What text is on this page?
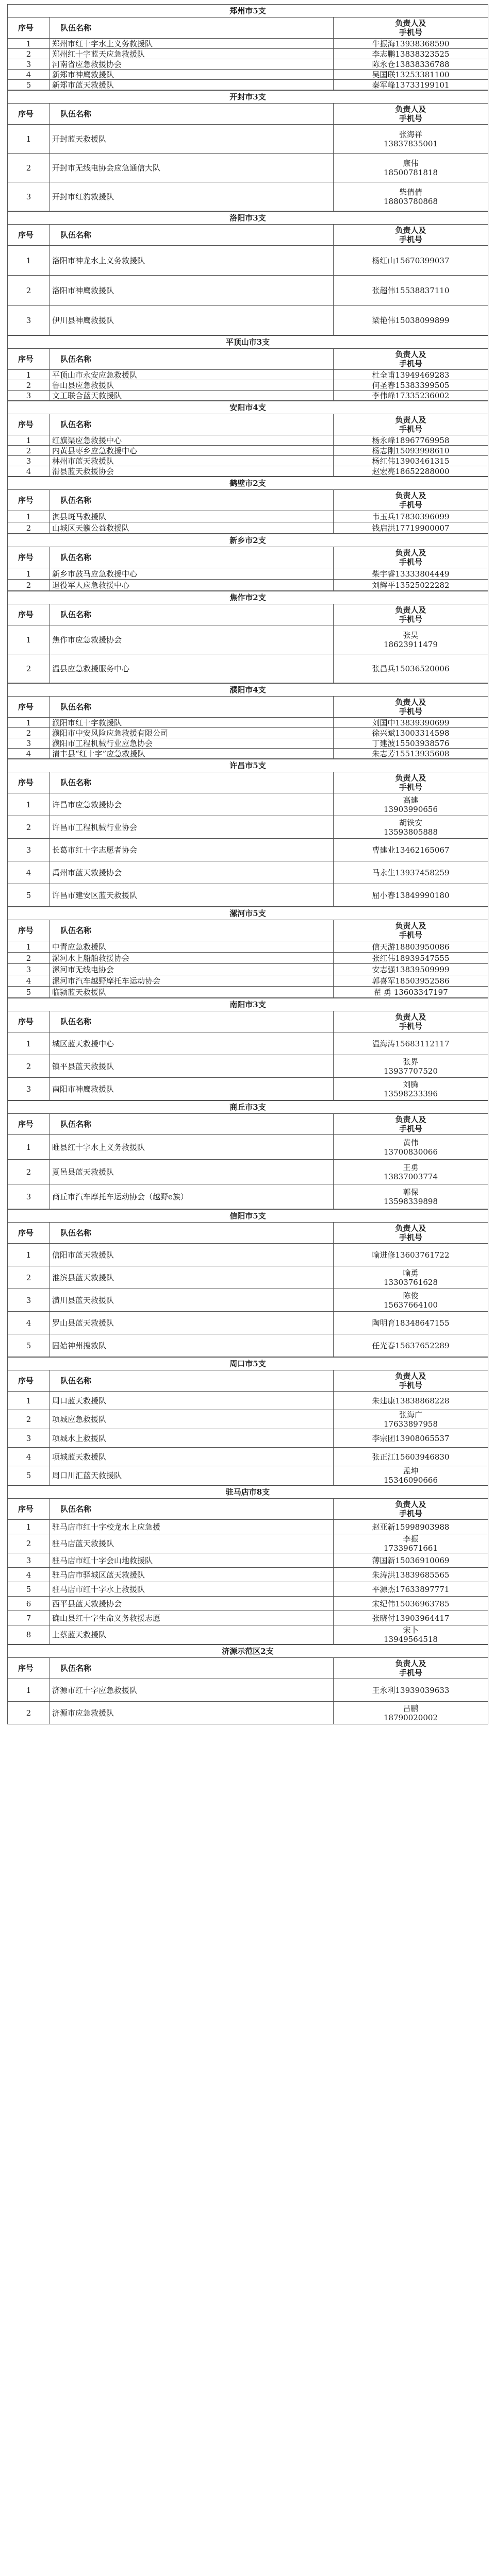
郑州市5支		
序号	队伍名称	负责人及
手机号
1	郑州市红十字水上义务救援队	牛振海13938368590
2	郑州红十字蓝天应急救援队	李志鹏13838323525
3	河南省应急救援协会	陈永仓13838336788
4	新郑市神鹰救援队	吴国联13253381100
5	新郑市蓝天救援队	秦军峰13733199101
开封市3支		
序号	队伍名称	负责人及
手机号
1	开封蓝天救援队	张海祥
13837835001
2	开封市无线电协会应急通信大队	康伟
18500781818
3	开封市红豹救援队	柴倩倩
18803780868
洛阳市3支		
序号	队伍名称	负责人及
手机号
1	洛阳市神龙水上义务救援队	杨红山15670399037
2	洛阳市神鹰救援队	张超伟15538837110
3	伊川县神鹰救援队	梁艳伟15038099899
平顶山市3支		
序号	队伍名称	负责人及
手机号
1	平顶山市永安应急救援队	杜全甫13949469283
2	鲁山县应急救援队	何圣春15383399505
3	文工联合蓝天救援队	李伟峰17335236002
安阳市4支		
序号	队伍名称	负责人及
手机号
1	红旗渠应急救援中心	杨永峰18967769958
2	内黄县枣乡应急救援中心	杨志刚15093998610
3	林州市蓝天救援队	杨红伟13903461315
4	滑县蓝天救援协会	赵宏亮18652288000
鹤壁市2支		
序号	队伍名称	负责人及
手机号
1	淇县斑马救援队	韦玉兵17830396099
2	山城区天籁公益救援队	钱启洪17719900007
新乡市2支		
序号	队伍名称	负责人及
手机号
1	新乡市鼓马应急救援中心	柴宇睿13333804449
2	退役军人应急救援中心	刘辉平13525022282
焦作市2支		
序号	队伍名称	负责人及
手机号
1	焦作市应急救援协会	张昊
18623911479
2	温县应急救援服务中心	张昌兵15036520006
濮阳市4支		
序号	队伍名称	负责人及
手机号
1	濮阳市红十字救援队	刘国中13839390699
2	濮阳市中安风险应急救援有限公司	徐兴斌13003314598
3	濮阳市工程机械行业应急协会	丁建波15503938576
4	清丰县“红十字”应急救援队	朱志芳15513935608
许昌市5支		
序号	队伍名称	负责人及
手机号
1	许昌市应急救援协会	高建
13903990656
2	许昌市工程机械行业协会	胡铁安
13593805888
3	长葛市红十字志愿者协会	曹建业13462165067
4	禹州市蓝天救援协会	马永生13937458259
5	许昌市建安区蓝天救援队	屈小春13849990180
漯河市5支		
序号	队伍名称	负责人及
手机号
1	中青应急救援队	信天游18803950086
2	漯河水上船舶救援协会	张红伟18939547555
3	漯河市无线电协会	安志强13839509999
4	漯河市汽车越野摩托车运动协会	郭喜军18503952586
5	临颍蓝天救援队	翟 勇 13603347197
南阳市3支		
序号	队伍名称	负责人及
手机号
1	城区蓝天救援中心	温海涛15683112117
2	镇平县蓝天救援队	张界
13937707520
3	南阳市神鹰救援队	刘腾
13598233396
商丘市3支		
序号	队伍名称	负责人及
手机号
1	睢县红十字水上义务救援队	黄伟
13700830066
2	夏邑县蓝天救援队	王勇
13837003774
3	商丘市汽车摩托车运动协会（越野e族）	郭保
13598339898
信阳市5支		
序号	队伍名称	负责人及
手机号
1	信阳市蓝天救援队	喻进修13603761722
2	淮滨县蓝天救援队	喻勇
13303761628
3	潢川县蓝天救援队	陈俊
15637664100
4	罗山县蓝天救援队	陶明育18348647155
5	固始神州搜救队	任光春15637652289
周口市5支		
序号	队伍名称	负责人及
手机号
1	周口蓝天救援队	朱建康13838868228
2	项城应急救援队	张海广
17633897958
3	项城水上救援队	李宗团13908065537
4	项城蓝天救援队	张正江15603946830
5	周口川汇蓝天救援队	孟坤
15346090666
驻马店市8支		
序号	队伍名称	负责人及
手机号
1	驻马店市红十字校龙水上应急援	赵亚新15998903988
2	驻马店蓝天救援队	李振
17339671661
3	驻马店市红十字会山地救援队	薄国新15036910069
4	驻马店市驿城区蓝天救援队	朱涛洪13839685565
5	驻马店市红十字水上救援队	平源杰17633897771
6	西平县蓝天救援协会	宋纪伟15036963785
7	确山县红十字生命义务救援志愿	张晓付13903964417
8	上蔡蓝天救援队	宋卜
13949564518
济源示范区2支		
序号	队伍名称	负责人及
手机号
1	济源市红十字应急救援队	王永利13939039633
2	济源市应急救援队	吕鹏
18790020002
